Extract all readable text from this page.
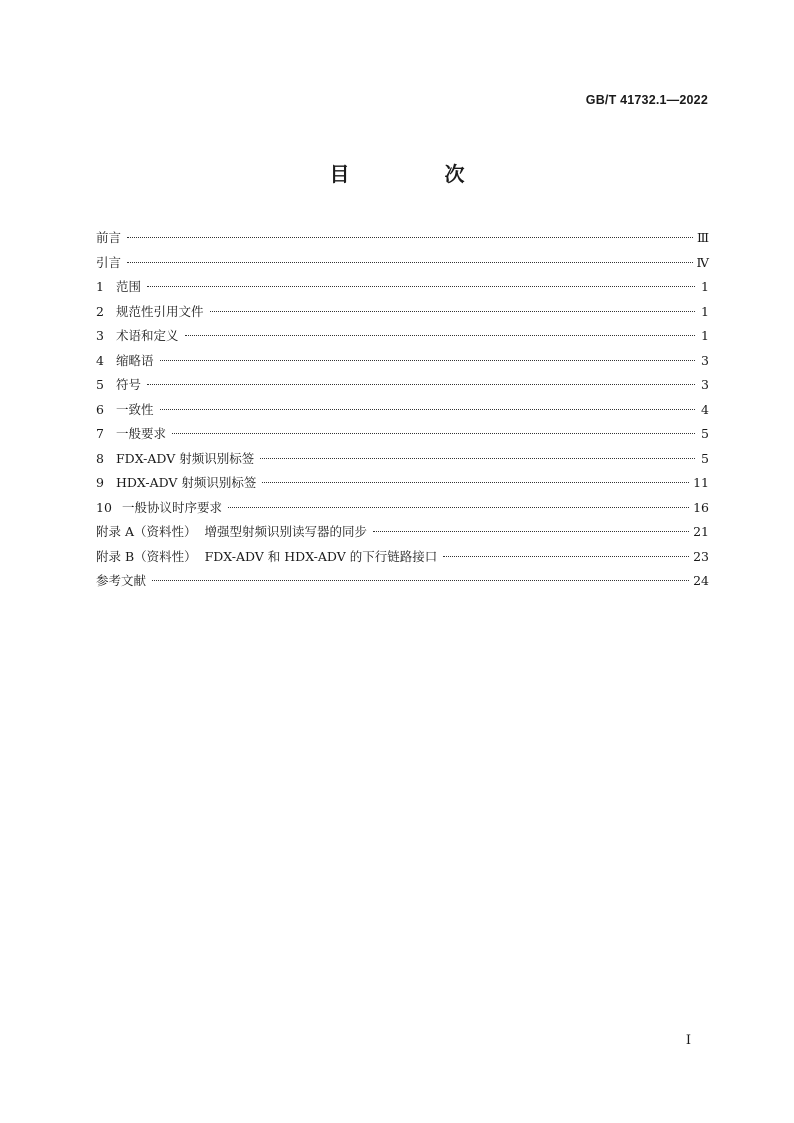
GB/T 41732.1—2022
目 次
前言	Ⅲ
引言	Ⅳ
1 范围	1
2 规范性引用文件	1
3 术语和定义	1
4 缩略语	3
5 符号	3
6 一致性	4
7 一般要求	5
8 FDX-ADV 射频识别标签	5
9 HDX-ADV 射频识别标签	11
10 一般协议时序要求	16
附录 A（资料性）  增强型射频识别读写器的同步	21
附录 B（资料性）  FDX-ADV 和 HDX-ADV 的下行链路接口	23
参考文献	24
I
